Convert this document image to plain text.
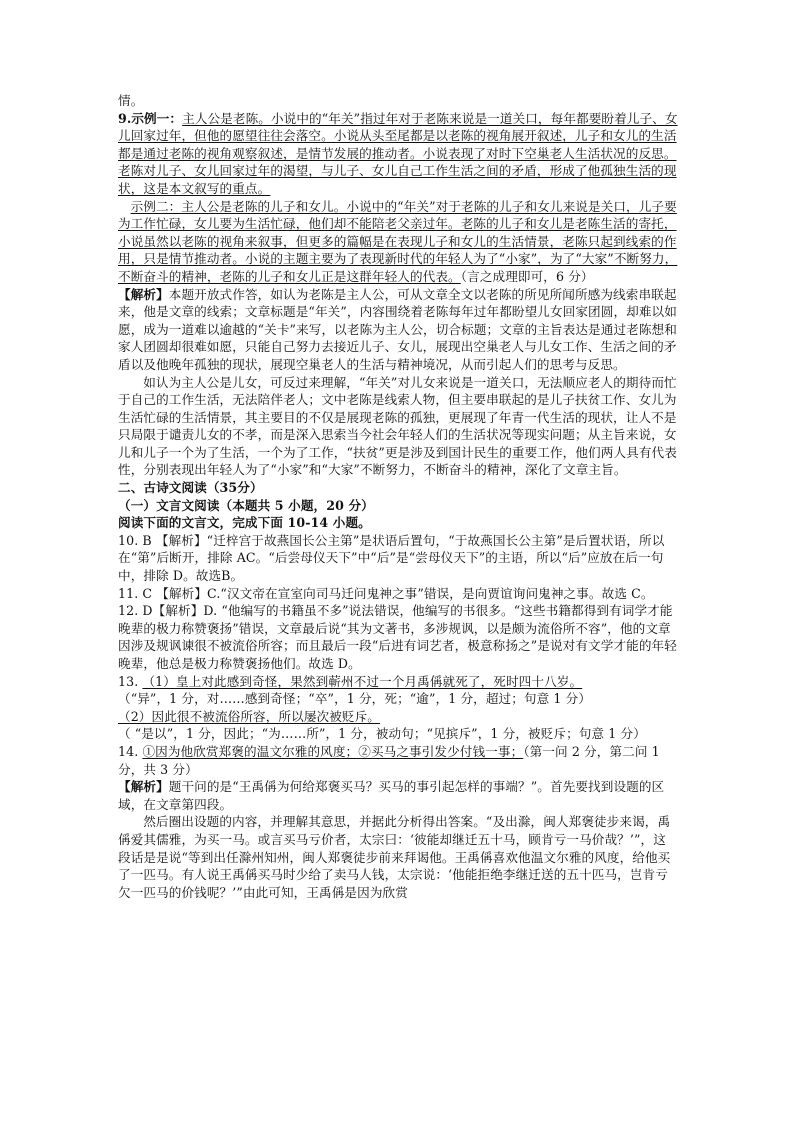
情。

9.示例一：主人公是老陈。小说中的“年关”指过年对于老陈来说是一道关口，每年都要盼着儿子、女儿回家过年，但他的愿望往往会落空。小说从头至尾都是以老陈的视角展开叙述，儿子和女儿的生活都是通过老陈的视角观察叙述，是情节发展的推动者。小说表现了对时下空巢老人生活状况的反思。老陈对儿子、女儿回家过年的渴望，与儿子、女儿自己工作生活之间的矛盾，形成了他孤独生活的现状，这是本文叙写的重点。

示例二：主人公是老陈的儿子和女儿。小说中的“年关”对于老陈的儿子和女儿来说是关口，儿子要为工作忙碌，女儿要为生活忙碌，他们却不能陪老父亲过年。老陈的儿子和女儿是老陈生活的寄托，小说虽然以老陈的视角来叙事，但更多的篇幅是在表现儿子和女儿的生活情景，老陈只起到线索的作用，只是情节推动者。小说的主题主要为了表现新时代的年轻人为了“小家”，为了“大家”不断努力，不断奋斗的精神，老陈的儿子和女儿正是这群年轻人的代表。（言之成理即可，6 分）

【解析】本题开放式作答，如认为老陈是主人公，可从文章全文以老陈的所见所闻所感为线索串联起来，他是文章的线索；文章标题是“年关”，内容围绕着老陈每年过年都盼望儿女回家团圆，却难以如愿，成为一道难以逾越的“关卡”来写，以老陈为主人公，切合标题；文章的主旨表达是通过老陈想和家人团圆却很难如愿，只能自己努力去接近儿子、女儿，展现出空巢老人与儿女工作、生活之间的矛盾以及他晚年孤独的现状，展现空巢老人的生活与精神境况，从而引起人们的思考与反思。

如认为主人公是儿女，可反过来理解，“年关”对儿女来说是一道关口，无法顺应老人的期待而忙于自己的工作生活，无法陪伴老人；文中老陈是线索人物，但主要串联起的是儿子扶贫工作、女儿为生活忙碌的生活情景，其主要目的不仅是展现老陈的孤独，更展现了年青一代生活的现状，让人不是只局限于谴责儿女的不孝，而是深入思索当今社会年轻人们的生活状况等现实问题；从主旨来说，女儿和儿子一个为了生活，一个为了工作，“扶贫”更是涉及到国计民生的重要工作，他们两人具有代表性，分别表现出年轻人为了“小家”和“大家”不断努力，不断奋斗的精神，深化了文章主旨。

二、古诗文阅读（35分）

（一）文言文阅读（本题共 5 小题，20 分）

阅读下面的文言文，完成下面 10-14 小题。

10. B 【解析】“迁梓宫于故燕国长公主第”是状语后置句，“于故燕国长公主第”是后置状语，所以在“第”后断开，排除 AC。“后尝母仪天下”中“后”是“尝母仪天下”的主语，所以“后”应放在后一句中，排除 D。故选B。

11. C 【解析】C.“汉文帝在宣室向司马迁问鬼神之事”错误，是向贾谊询问鬼神之事。故选 C。

12. D【解析】D. “他编写的书籍虽不多”说法错误，他编写的书很多。“这些书籍都得到有词学才能晚辈的极力称赞褒扬”错误，文章最后说“其为文著书，多涉规讽，以是颇为流俗所不容”，他的文章因涉及规讽谏很不被流俗所容；而且最后一段“后进有词艺者，极意称扬之”是说对有文学才能的年轻晚辈，他总是极力称赞褒扬他们。故选 D。

13. （1）皇上对此感到奇怪，果然到蕲州不过一个月禹偁就死了，死时四十八岁。

（“异”，1 分，对……感到奇怪；“卒”，1 分，死；“逾”，1 分，超过；句意 1 分）

（2）因此很不被流俗所容，所以屡次被贬斥。

（ “是以”，1 分，因此；“为……所”，1 分，被动句；“见摈斥”，1 分，被贬斥；句意 1 分）

14. ①因为他欣赏郑褒的温文尔雅的风度；②买马之事引发少付钱一事；（第一问 2 分，第二问 1 分，共 3 分）

【解析】题干问的是“王禹偁为何给郑褒买马？买马的事引起怎样的事端？”。首先要找到设题的区域，在文章第四段。

然后圈出设题的内容，并理解其意思，并据此分析得出答案。“及出滁，闽人郑褒徒步来谒，禹偁爱其儒雅，为买一马。或言买马亏价者，太宗曰：‘彼能却继迁五十马，顾肯亏一马价哉？’”，这段话是是说“等到出任滁州知州，闽人郑褒徒步前来拜谒他。王禹偁喜欢他温文尔雅的风度，给他买了一匹马。有人说王禹偁买马时少给了卖马人钱，太宗说：‘他能拒绝李继迁送的五十匹马，岂肯亏欠一匹马的价钱呢？’”由此可知，王禹偁是因为欣赏
